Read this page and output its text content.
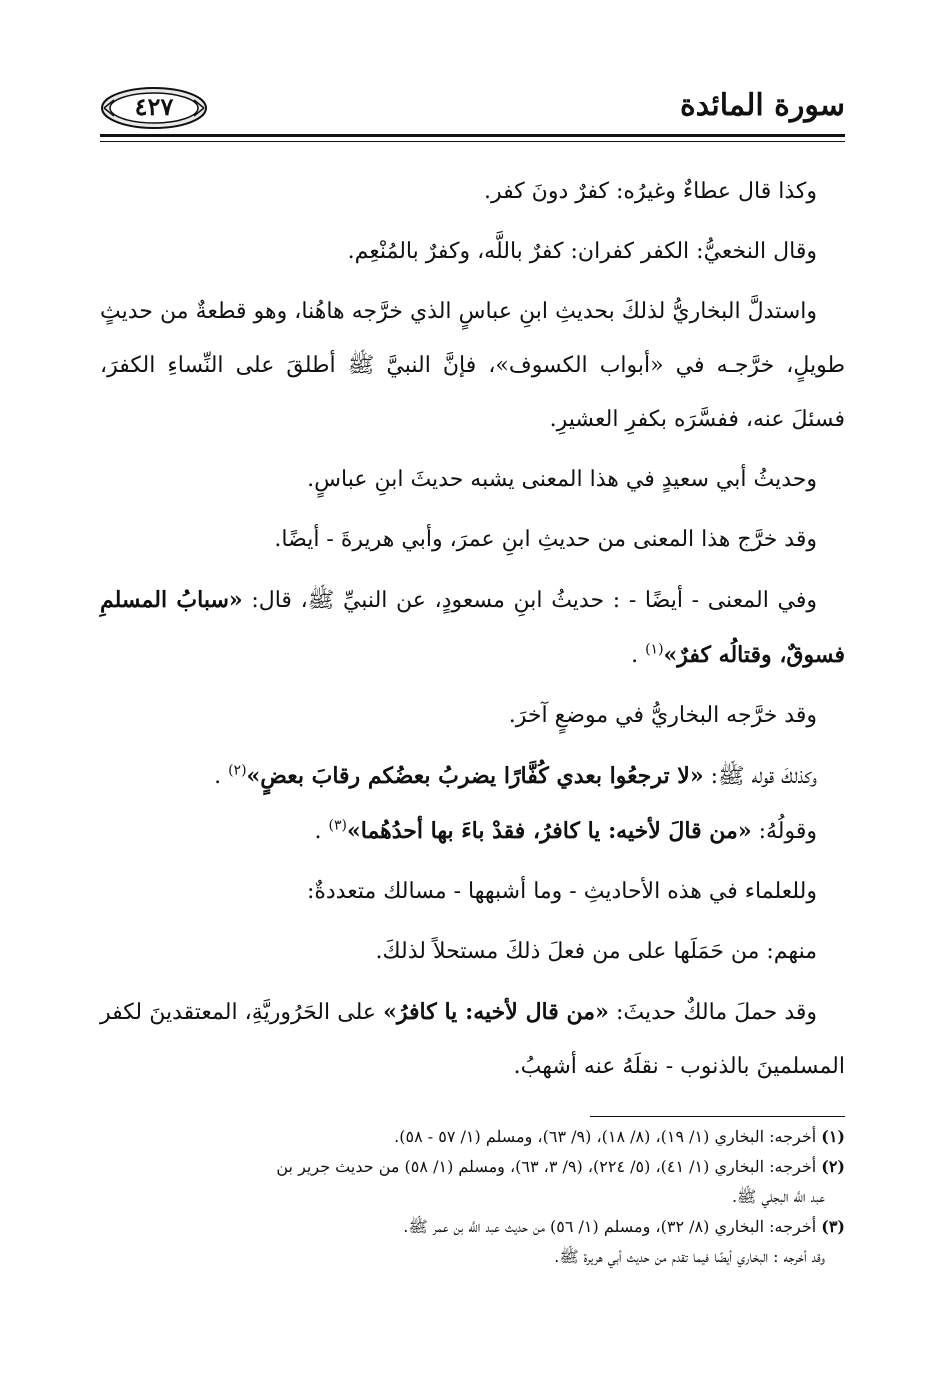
٤٢٧	سورة المائدة

وكذا قال عطاءٌ وغيرُه: كفرٌ دونَ كفر.

وقال النخعيُّ: الكفر كفران: كفرٌ باللَّه، وكفرٌ بالمُنْعِم.

واستدلَّ البخاريُّ لذلكَ بحديثِ ابنِ عباسٍ الذي خرَّجه هاهُنا، وهو قطعةٌ من حديثٍ طويلٍ، خرَّجـه في «أبواب الكسوف»، فإنَّ النبيَّ ﷺ أطلقَ على النِّساءِ الكفرَ، فسئلَ عنه، ففسَّرَه بكفرِ العشيرِ.

وحديثُ أبي سعيدٍ في هذا المعنى يشبه حديثَ ابنِ عباسٍ.

وقد خرَّج هذا المعنى من حديثِ ابنِ عمرَ، وأبي هريرةَ - أيضًا.

وفي المعنى - أيضًا - : حديثُ ابنِ مسعودٍ، عن النبيِّ ﷺ، قال: «سبابُ المسلمِ فسوقٌ، وقتالُه كفرٌ»$^{(١)}$ .

وقد خرَّجه البخاريُّ في موضعٍ آخرَ.

وكذلكَ قوله ﷺ: «لا ترجعُوا بعدي كُفَّارًا يضربُ بعضُكم رقابَ بعضٍ»$^{(٢)}$ .

وقولُهُ: «من قالَ لأخيه: يا كافرُ، فقدْ باءَ بها أحدُهُما»$^{(٣)}$ .

وللعلماء في هذه الأحاديثِ - وما أشبهها - مسالك متعددةٌ:

منهم: من حَمَلَها على من فعلَ ذلكَ مستحلاً لذلكَ.

وقد حملَ مالكٌ حديثَ: «من قال لأخيه: يا كافرُ» على الحَرُوريَّةِ، المعتقدينَ لكفر المسلمينَ بالذنوب - نقلَهُ عنه أشهبُ.

(١) أخرجه: البخاري (١/ ١٩)، (٨/ ١٨)، (٩/ ٦٣)، ومسلم (١/ ٥٧ - ٥٨).

(٢) أخرجه: البخاري (١/ ٤١)، (٥/ ٢٢٤)، (٩/ ٣، ٦٣)، ومسلم (١/ ٥٨) من حديث جرير بن

عبد اللَّه البجلي ﷺ.

(٣) أخرجه: البخاري (٨/ ٣٢)، ومسلم (١/ ٥٦) من حديث عبد اللَّه بن عمر ﷺ.

وقد أخرجه : البخاري أيضًا فيما تقدم من حديث أبي هريرة ﷺ.
